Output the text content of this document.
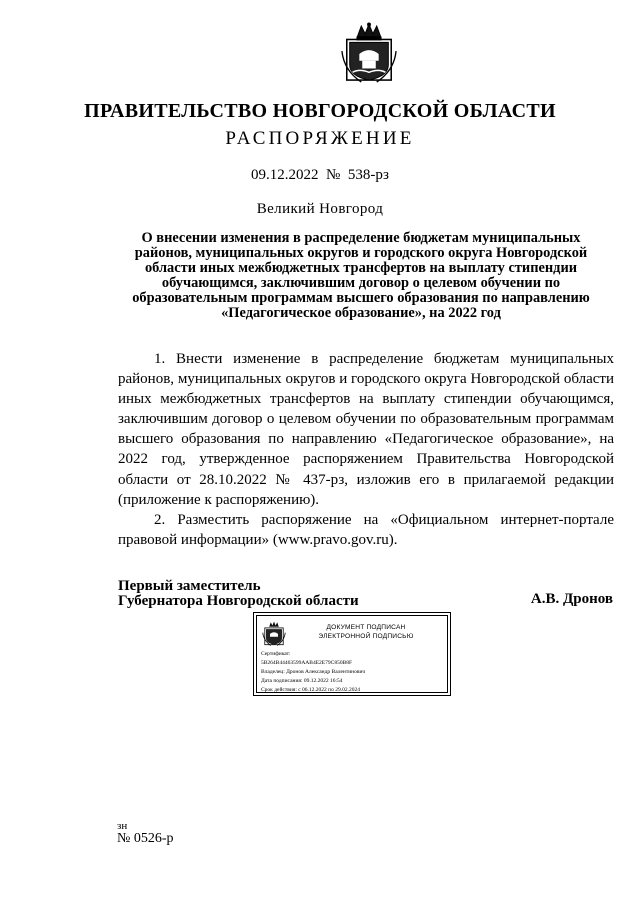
ПРАВИТЕЛЬСТВО НОВГОРОДСКОЙ ОБЛАСТИ
РАСПОРЯЖЕНИЕ
09.12.2022  №  538-рз
Великий Новгород
О внесении изменения в распределение бюджетам муниципальных
районов, муниципальных округов и городского округа Новгородской
области иных межбюджетных трансфертов на выплату стипендии
обучающимся, заключившим договор о целевом обучении по
образовательным программам высшего образования по направлению
«Педагогическое образование», на 2022 год
1. Внести изменение в распределение бюджетам муниципальных
районов, муниципальных округов и городского округа Новгородской области
иных межбюджетных трансфертов на выплату стипендии обучающимся,
заключившим договор о целевом обучении по образовательным программам
высшего образования по направлению «Педагогическое образование», на
2022 год, утвержденное распоряжением Правительства Новгородской
области от 28.10.2022 № 437-рз, изложив его в прилагаемой редакции
(приложение к распоряжению).
2. Разместить распоряжение на «Официальном интернет-портале
правовой информации» (www.pravo.gov.ru).
Первый заместитель
Губернатора Новгородской области	А.В. Дронов
ДОКУМЕНТ ПОДПИСАН
ЭЛЕКТРОННОЙ ПОДПИСЬЮ
Сертификат:
5B264B44463599AAB4E2E79C850B8F
Владелец: Дронов Александр Валентинович
Дата подписания: 09.12.2022 16:54
Срок действия: с 06.12.2022 по 29.02.2024
зн
№ 0526-р
